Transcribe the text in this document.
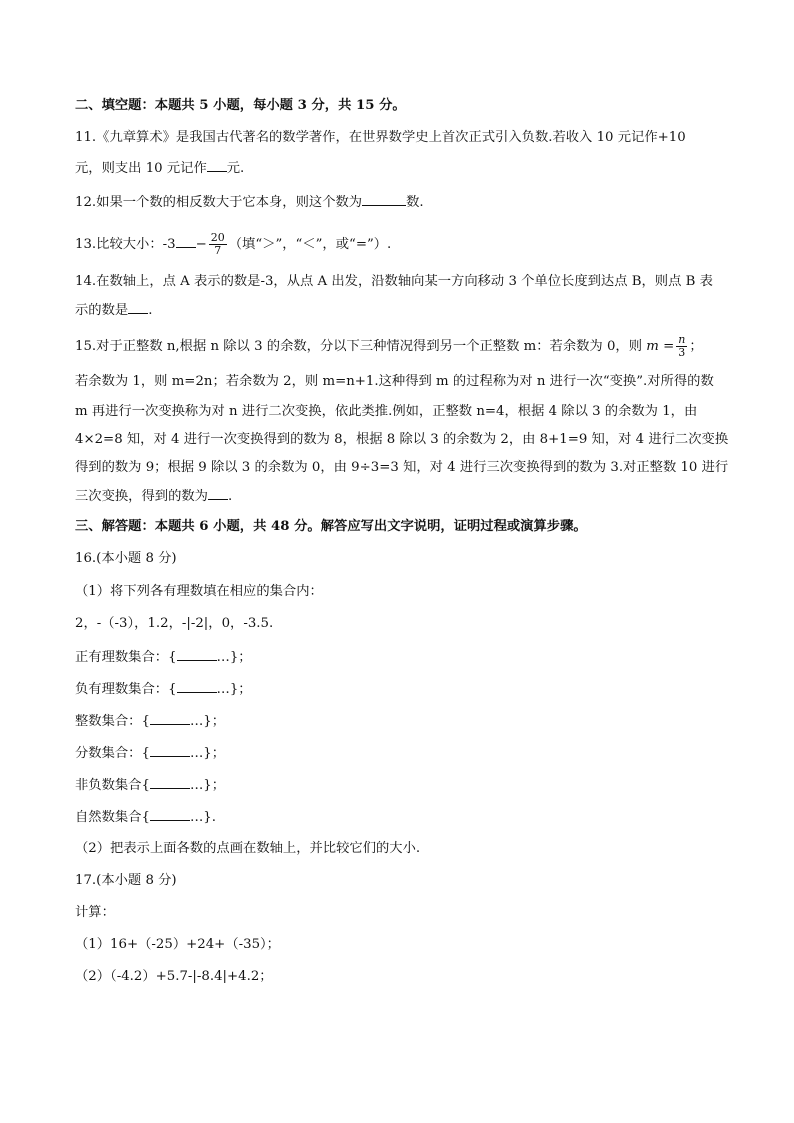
二、填空题：本题共 5 小题，每小题 3 分，共 15 分。
11.《九章算术》是我国古代著名的数学著作，在世界数学史上首次正式引入负数.若收入 10 元记作+10
元，则支出 10 元记作 元.
12.如果一个数的相反数大于它本身，则这个数为	数.
13.比较大小：$-3 - \frac{20}{7}$ （填“＞”，“＜”，或“=”）.
14.在数轴上，点 A 表示的数是-3，从点 A 出发，沿数轴向某一方向移动 3 个单位长度到达点 B，则点 B 表
示的数是 .
15.对于正整数 n,根据 n 除以 3 的余数，分以下三种情况得到另一个正整数 m：若余数为 0，则 $m = \frac{n}{3}$ ；
若余数为 1，则 m=2n；若余数为 2，则 m=n+1.这种得到 m 的过程称为对 n 进行一次“变换”.对所得的数
m 再进行一次变换称为对 n 进行二次变换，依此类推.例如，正整数 n=4，根据 4 除以 3 的余数为 1，由
4×2=8 知，对 4 进行一次变换得到的数为 8，根据 8 除以 3 的余数为 2，由 8+1=9 知，对 4 进行二次变换
得到的数为 9；根据 9 除以 3 的余数为 0，由 9÷3=3 知，对 4 进行三次变换得到的数为 3.对正整数 10 进行
三次变换，得到的数为 .
三、解答题：本题共 6 小题，共 48 分。解答应写出文字说明，证明过程或演算步骤。
16.(本小题 8 分)
（1）将下列各有理数填在相应的集合内：
2，-（-3），1.2，-|-2|，0，-3.5.
正有理数集合：{	…}；
负有理数集合：{	…}；
整数集合：{	…}；
分数集合：{	…}；
非负数集合{	…}；
自然数集合{	…}.
（2）把表示上面各数的点画在数轴上，并比较它们的大小.
17.(本小题 8 分)
计算：
（1）16+（-25）+24+（-35）；
（2）（-4.2）+5.7-|-8.4|+4.2；
